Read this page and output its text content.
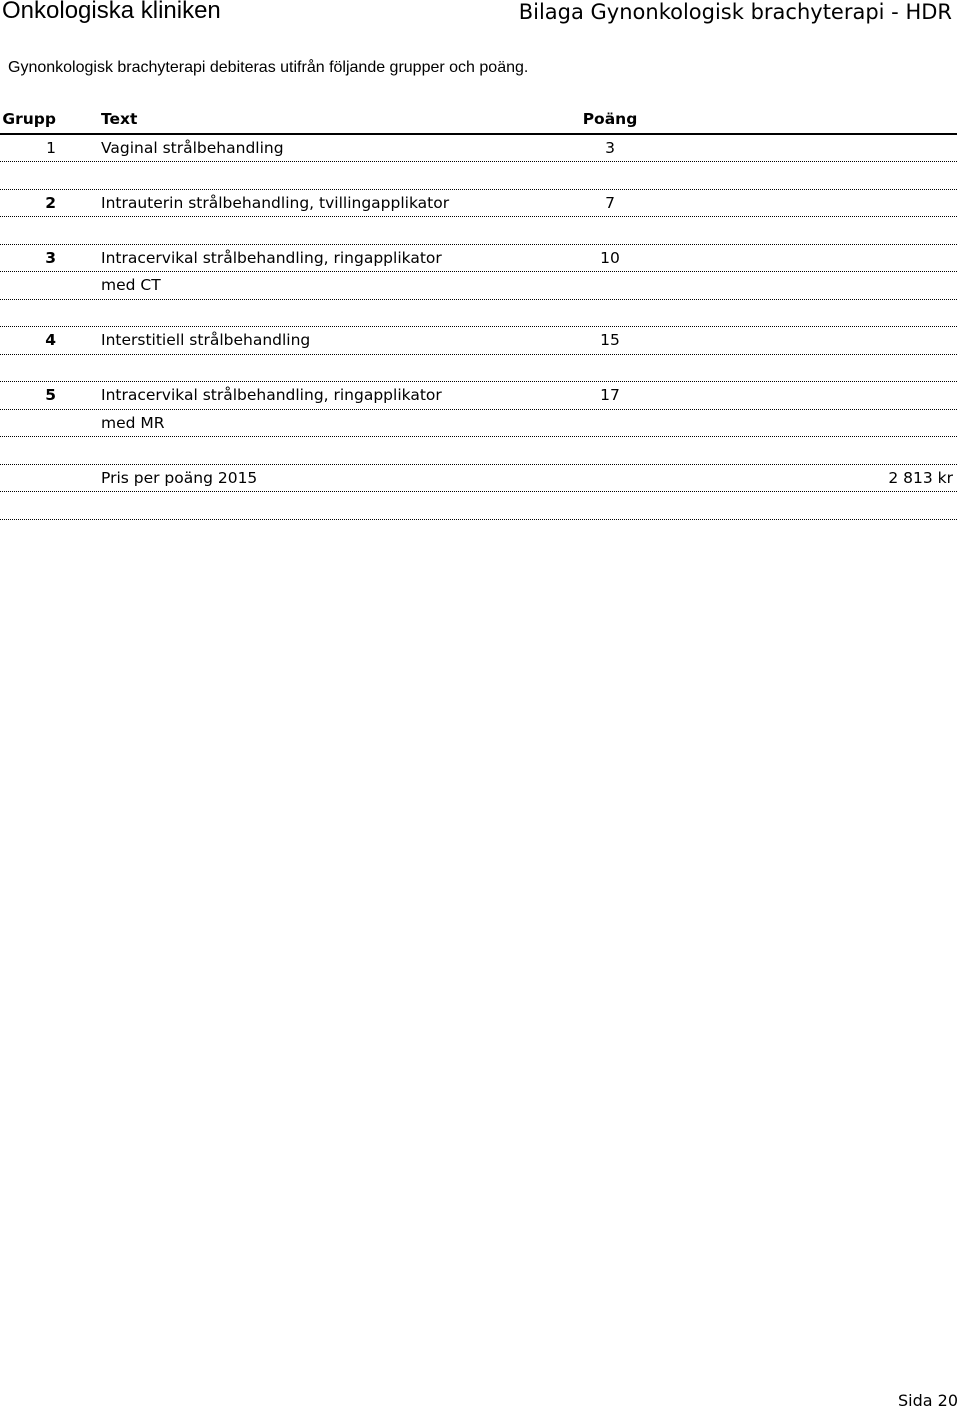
Onkologiska kliniken	Bilaga Gynonkologisk brachyterapi - HDR
Gynonkologisk brachyterapi debiteras utifrån följande grupper och poäng.
Grupp	Text	Poäng
1	Vaginal strålbehandling	3
2	Intrauterin strålbehandling, tvillingapplikator	7
3	Intracervikal strålbehandling, ringapplikator	10
med CT
4	Interstitiell strålbehandling	15
5	Intracervikal strålbehandling, ringapplikator	17
med MR
Pris per poäng 2015	2 813 kr
Sida 20
